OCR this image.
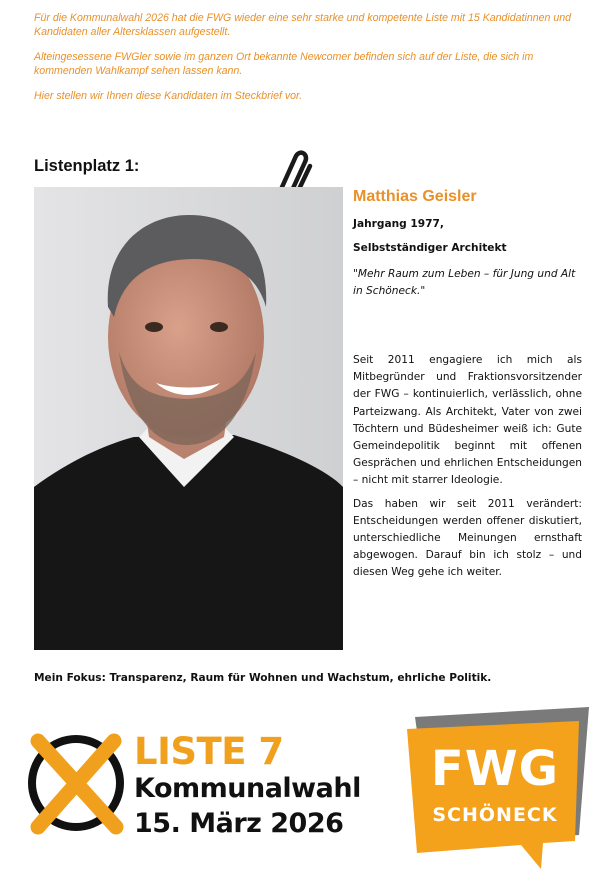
Für die Kommunalwahl 2026 hat die FWG wieder eine sehr starke und kompetente Liste mit 15 Kandidatinnen und Kandidaten aller Altersklassen aufgestellt.

Alteingesessene FWGler sowie im ganzen Ort bekannte Newcomer befinden sich auf der Liste, die sich im kommenden Wahlkampf sehen lassen kann.

Hier stellen wir Ihnen diese Kandidaten im Steckbrief vor.

Listenplatz 1:
Matthias Geisler
Jahrgang 1977,
Selbstständiger Architekt
"Mehr Raum zum Leben – für Jung und Alt in Schöneck."
Seit 2011 engagiere ich mich als Mitbegründer und Fraktionsvorsitzender der FWG – kontinuierlich, verlässlich, ohne Parteizwang. Als Architekt, Vater von zwei Töchtern und Büdesheimer weiß ich: Gute Gemeindepolitik beginnt mit offenen Gesprächen und ehrlichen Entscheidungen – nicht mit starrer Ideologie.
Das haben wir seit 2011 verändert: Entscheidungen werden offener diskutiert, unterschiedliche Meinungen ernsthaft abgewogen. Darauf bin ich stolz – und diesen Weg gehe ich weiter.
Mein Fokus: Transparenz, Raum für Wohnen und Wachstum, ehrliche Politik.
LISTE 7
Kommunalwahl
15. März 2026
FWG
SCHÖNECK
